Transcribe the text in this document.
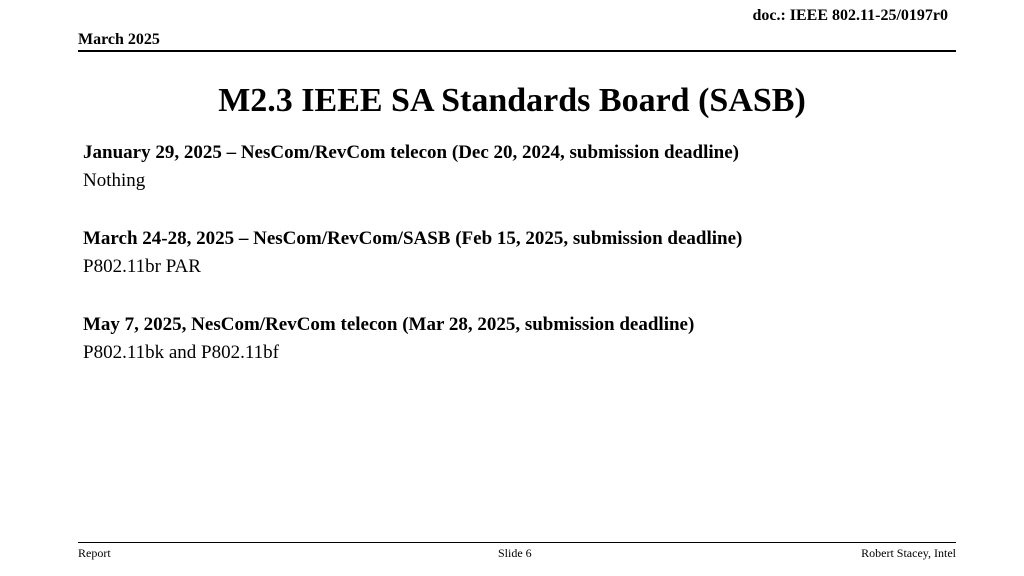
doc.: IEEE 802.11-25/0197r0
March 2025
M2.3 IEEE SA Standards Board (SASB)
January 29, 2025 – NesCom/RevCom telecon (Dec 20, 2024, submission deadline)
Nothing
March 24-28, 2025 – NesCom/RevCom/SASB (Feb 15, 2025, submission deadline)
P802.11br PAR
May 7, 2025, NesCom/RevCom telecon (Mar 28, 2025, submission deadline)
P802.11bk and P802.11bf
Report	Slide 6	Robert Stacey, Intel
